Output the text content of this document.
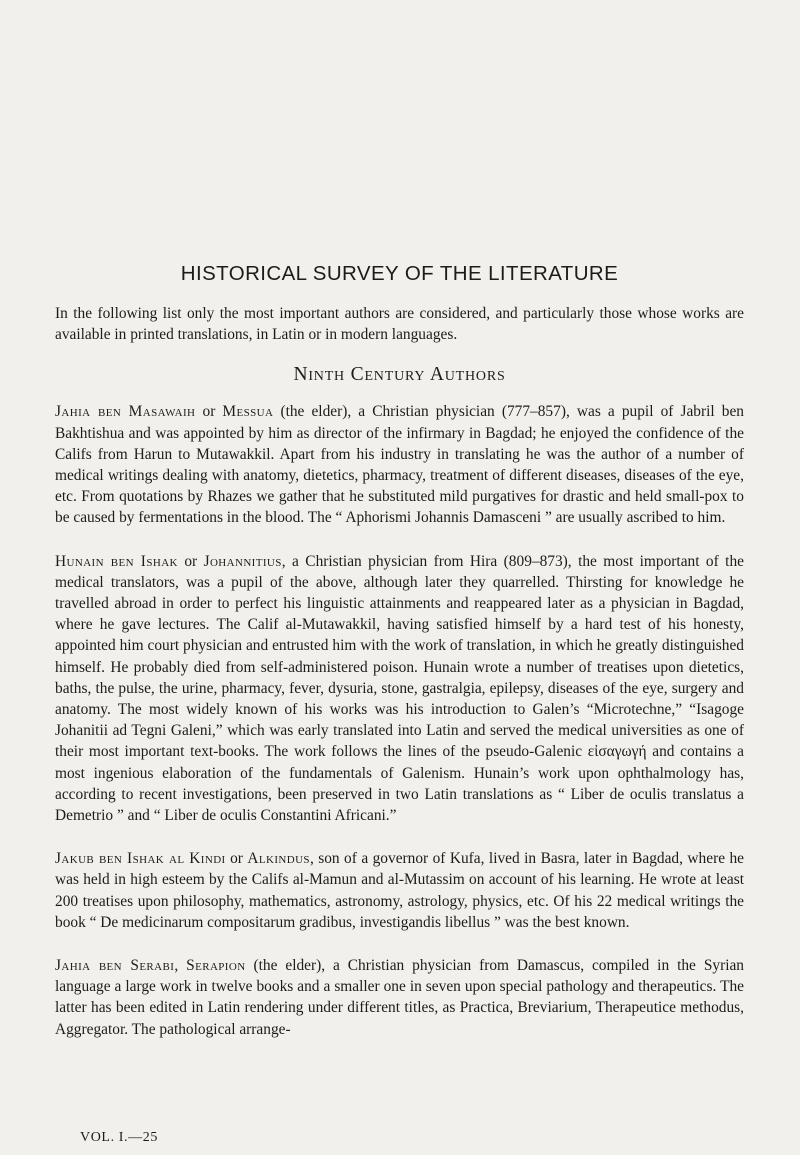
HISTORICAL SURVEY OF THE LITERATURE

In the following list only the most important authors are considered, and particularly those whose works are available in printed translations, in Latin or in modern languages.

Ninth Century Authors

Jahia ben Masawaih or Messua (the elder), a Christian physician (777–857), was a pupil of Jabril ben Bakhtishua and was appointed by him as director of the infirmary in Bagdad; he enjoyed the confidence of the Califs from Harun to Mutawakkil. Apart from his industry in translating he was the author of a number of medical writings dealing with anatomy, dietetics, pharmacy, treatment of different diseases, diseases of the eye, etc. From quotations by Rhazes we gather that he substituted mild purgatives for drastic and held small-pox to be caused by fermentations in the blood. The “ Aphorismi Johannis Damasceni ” are usually ascribed to him.

Hunain ben Ishak or Johannitius, a Christian physician from Hira (809–873), the most important of the medical translators, was a pupil of the above, although later they quarrelled. Thirsting for knowledge he travelled abroad in order to perfect his linguistic attainments and reappeared later as a physician in Bagdad, where he gave lectures. The Calif al-Mutawakkil, having satisfied himself by a hard test of his honesty, appointed him court physician and entrusted him with the work of translation, in which he greatly distinguished himself. He probably died from self-administered poison. Hunain wrote a number of treatises upon dietetics, baths, the pulse, the urine, pharmacy, fever, dysuria, stone, gastralgia, epilepsy, diseases of the eye, surgery and anatomy. The most widely known of his works was his introduction to Galen’s “Microtechne,” “Isagoge Johanitii ad Tegni Galeni,” which was early translated into Latin and served the medical universities as one of their most important text-books. The work follows the lines of the pseudo-Galenic εἰσαγωγή and contains a most ingenious elaboration of the fundamentals of Galenism. Hunain’s work upon ophthalmology has, according to recent investigations, been preserved in two Latin translations as “ Liber de oculis translatus a Demetrio ” and “ Liber de oculis Constantini Africani.”

Jakub ben Ishak al Kindi or Alkindus, son of a governor of Kufa, lived in Basra, later in Bagdad, where he was held in high esteem by the Califs al-Mamun and al-Mutassim on account of his learning. He wrote at least 200 treatises upon philosophy, mathematics, astronomy, astrology, physics, etc. Of his 22 medical writings the book “ De medicinarum compositarum gradibus, investigandis libellus ” was the best known.

Jahia ben Serabi, Serapion (the elder), a Christian physician from Damascus, compiled in the Syrian language a large work in twelve books and a smaller one in seven upon special pathology and therapeutics. The latter has been edited in Latin rendering under different titles, as Practica, Breviarium, Therapeutice methodus, Aggregator. The pathological arrange-

VOL. I.—25
